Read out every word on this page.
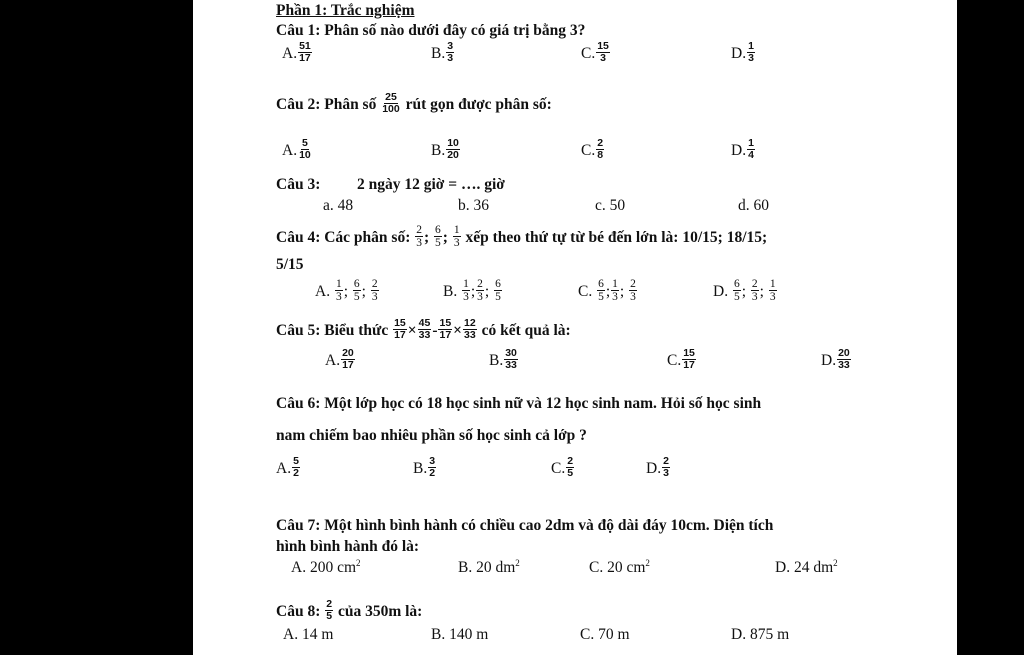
Phần 1: Trắc nghiệm
Câu 1: Phân số nào dưới đây có giá trị bằng 3?
A. $\frac{51}{17}$	B. $\frac{3}{3}$	C. $\frac{15}{3}$	D. $\frac{1}{3}$
Câu 2: Phân số $\frac{25}{100}$ rút gọn được phân số:
A. $\frac{5}{10}$	B. $\frac{10}{20}$	C. $\frac{2}{8}$	D. $\frac{1}{4}$
Câu 3: 2 ngày 12 giờ = …. giờ
a. 48	b. 36	c. 50	d. 60
Câu 4: Các phân số: $\frac{2}{3}$ ; $\frac{6}{5}$ ; $\frac{1}{3}$ xếp theo thứ tự từ bé đến lớn là: 10/15; 18/15;
5/15
A. $\frac{1}{3}$ ; $\frac{6}{5}$ ; $\frac{2}{3}$	B. $\frac{1}{3}$ ; $\frac{2}{3}$ ; $\frac{6}{5}$	C. $\frac{6}{5}$ ; $\frac{1}{3}$ ; $\frac{2}{3}$	D. $\frac{6}{5}$ ; $\frac{2}{3}$ ; $\frac{1}{3}$
Câu 5: Biểu thức $\frac{15}{17} \times \frac{45}{33} - \frac{15}{17} \times \frac{12}{33}$ có kết quả là:
A. $\frac{20}{17}$	B. $\frac{30}{33}$	C. $\frac{15}{17}$	D. $\frac{20}{33}$
Câu 6: Một lớp học có 18 học sinh nữ và 12 học sinh nam. Hỏi số học sinh
nam chiếm bao nhiêu phần số học sinh cả lớp ?
A. $\frac{5}{2}$	B. $\frac{3}{2}$	C. $\frac{2}{5}$	D. $\frac{2}{3}$
Câu 7: Một hình bình hành có chiều cao 2dm và độ dài đáy 10cm. Diện tích
hình bình hành đó là:
A. 200 $cm^2$	B. 20 $dm^2$	C. 20 $cm^2$	D. 24 $dm^2$
Câu 8: $\frac{2}{5}$ của 350m là:
A. 14 m	B. 140 m	C. 70 m	D. 875 m
